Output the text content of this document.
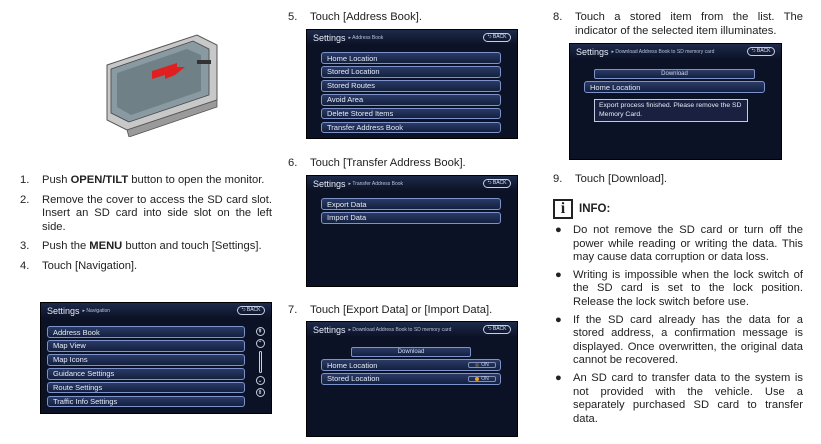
1.	Push OPEN/TILT button to open the monitor.
2.	Remove the cover to access the SD card slot. Insert an SD card into side slot on the left side.
3.	Push the MENU button and touch [Settings].
4.	Touch [Navigation].
Settings ▸ Navigation	⮌ BACK
Address Book
Map View
Map Icons
Guidance Settings
Route Settings
Traffic Info Settings
⇞
⌃
⌄
⇟
5.	Touch [Address Book].
Settings ▸ Address Book	⮌ BACK
Home Location
Stored Location
Stored Routes
Avoid Area
Delete Stored Items
Transfer Address Book
6.	Touch [Transfer Address Book].
Settings ▸ Transfer Address Book	⮌ BACK
Export Data
Import Data
7.	Touch [Export Data] or [Import Data].
Settings ▸ Download Address Book to SD memory card	⮌ BACK
Download
Home Location	ON
Stored Location	ON
8.	Touch a stored item from the list. The indicator of the selected item illuminates.
Settings ▸ Download Address Book to SD memory card	⮌ BACK
Download
Home Location
Export process finished. Please remove the SD Memory Card.
9.	Touch [Download].
i	INFO:
●	Do not remove the SD card or turn off the power while reading or writing the data. This may cause data corruption or data loss.
●	Writing is impossible when the lock switch of the SD card is set to the lock position. Release the lock switch before use.
●	If the SD card already has the data for a stored address, a confirmation message is displayed. Once overwritten, the original data cannot be recovered.
●	An SD card to transfer data to the system is not provided with the vehicle. Use a separately purchased SD card to transfer data.
